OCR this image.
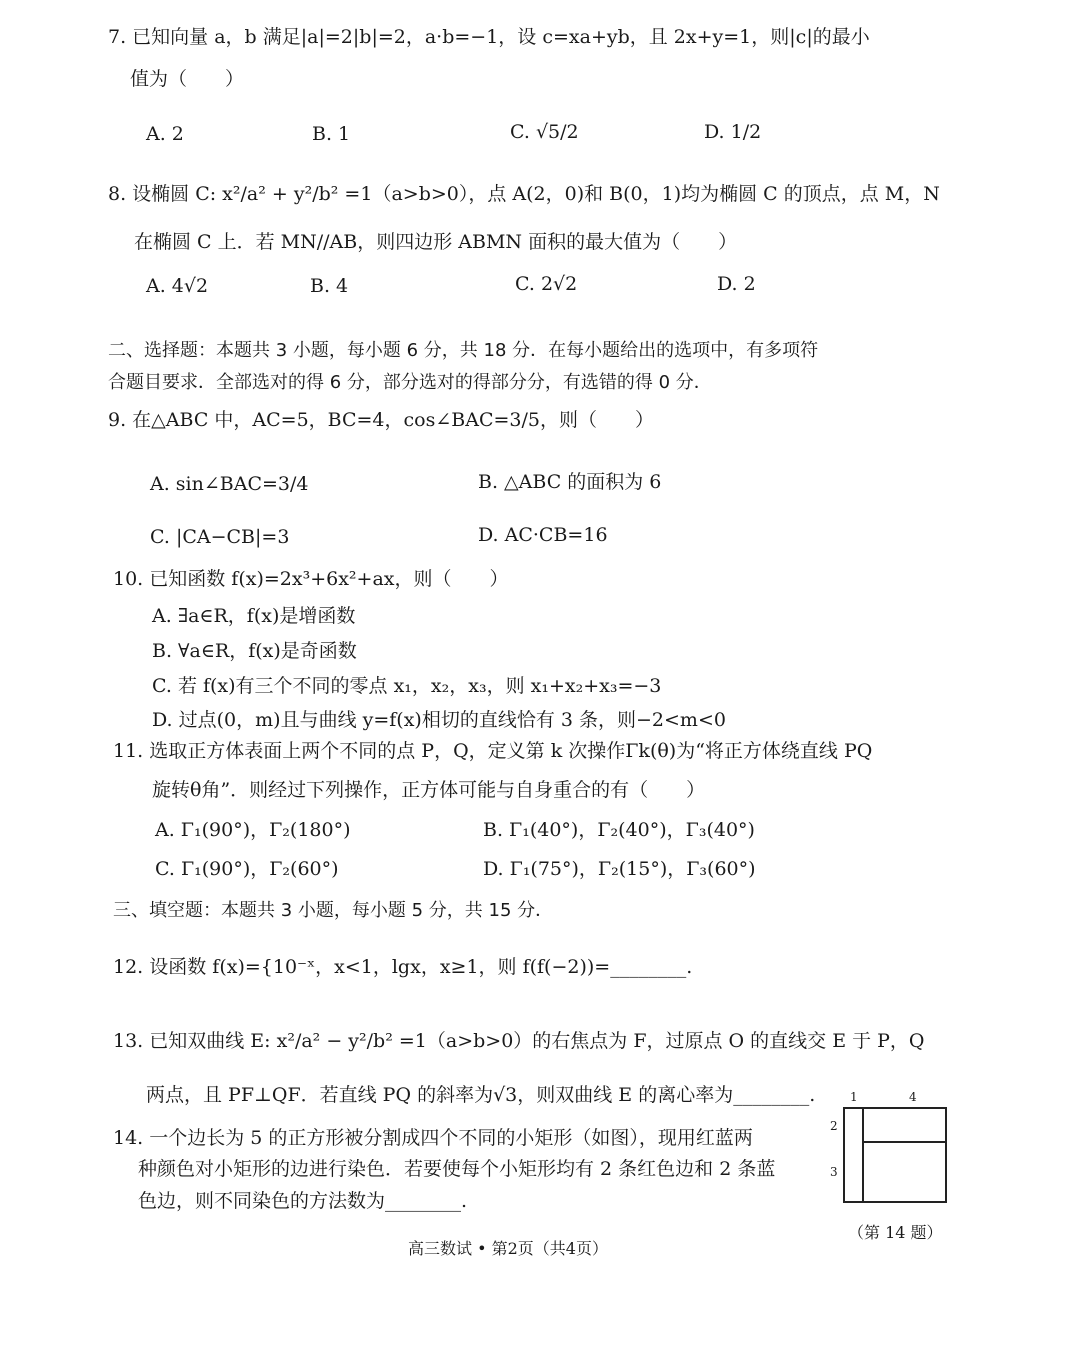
7. 已知向量 a，b 满足|a|=2|b|=2，a·b=−1，设 c=xa+yb，且 2x+y=1，则|c|的最小
值为（　　）
A. 2	B. 1	C. √5/2	D. 1/2
8. 设椭圆 C: x²/a² + y²/b² =1（a>b>0），点 A(2，0)和 B(0，1)均为椭圆 C 的顶点，点 M，N
在椭圆 C 上．若 MN//AB，则四边形 ABMN 面积的最大值为（　　）
A. 4√2	B. 4	C. 2√2	D. 2
二、选择题：本题共 3 小题，每小题 6 分，共 18 分．在每小题给出的选项中，有多项符
合题目要求．全部选对的得 6 分，部分选对的得部分分，有选错的得 0 分．
9. 在△ABC 中，AC=5，BC=4，cos∠BAC=3/5，则（　　）
A. sin∠BAC=3/4	B. △ABC 的面积为 6
C. |CA−CB|=3	D. AC·CB=16
10. 已知函数 f(x)=2x³+6x²+ax，则（　　）
A. ∃a∈R，f(x)是增函数
B. ∀a∈R，f(x)是奇函数
C. 若 f(x)有三个不同的零点 x₁，x₂，x₃，则 x₁+x₂+x₃=−3
D. 过点(0，m)且与曲线 y=f(x)相切的直线恰有 3 条，则−2<m<0
11. 选取正方体表面上两个不同的点 P，Q，定义第 k 次操作Γk(θ)为“将正方体绕直线 PQ
旋转θ角”．则经过下列操作，正方体可能与自身重合的有（　　）
A. Γ₁(90°)，Γ₂(180°)	B. Γ₁(40°)，Γ₂(40°)，Γ₃(40°)
C. Γ₁(90°)，Γ₂(60°)	D. Γ₁(75°)，Γ₂(15°)，Γ₃(60°)
三、填空题：本题共 3 小题，每小题 5 分，共 15 分．
12. 设函数 f(x)={10⁻ˣ，x<1，lgx，x≥1，则 f(f(−2))=________.
13. 已知双曲线 E: x²/a² − y²/b² =1（a>b>0）的右焦点为 F，过原点 O 的直线交 E 于 P，Q
两点，且 PF⊥QF．若直线 PQ 的斜率为√3，则双曲线 E 的离心率为________.
14. 一个边长为 5 的正方形被分割成四个不同的小矩形（如图），现用红蓝两
种颜色对小矩形的边进行染色．若要使每个小矩形均有 2 条红色边和 2 条蓝
色边，则不同染色的方法数为________.
1	4
2
3
（第 14 题）
高三数试 • 第2页（共4页）
